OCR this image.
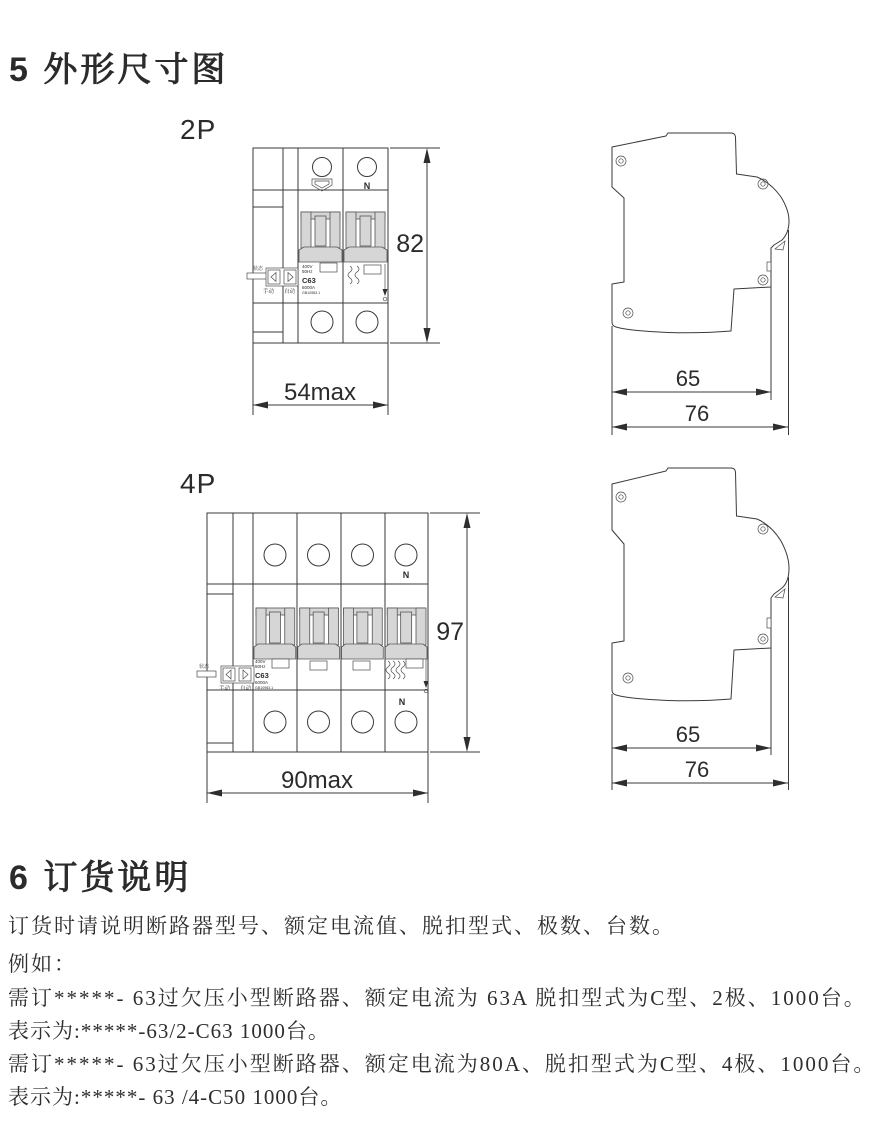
5 外形尺寸图
2P
N
400V
50Hz
C63
6000A
GB10963.1
状态
手动 自动
82
54max
65
76
4P
N
400V
50Hz
C63
6000A
GB10963.1
状态
手动 自动
N
97
90max
65
76
6 订货说明
订货时请说明断路器型号、额定电流值、脱扣型式、极数、台数。
例如：
需订*****- 63过欠压小型断路器、额定电流为 63A 脱扣型式为C型、2极、1000台。
表示为:*****-63/2-C63 1000台。
需订*****- 63过欠压小型断路器、额定电流为80A、脱扣型式为C型、4极、1000台。
表示为:*****- 63 /4-C50 1000台。
